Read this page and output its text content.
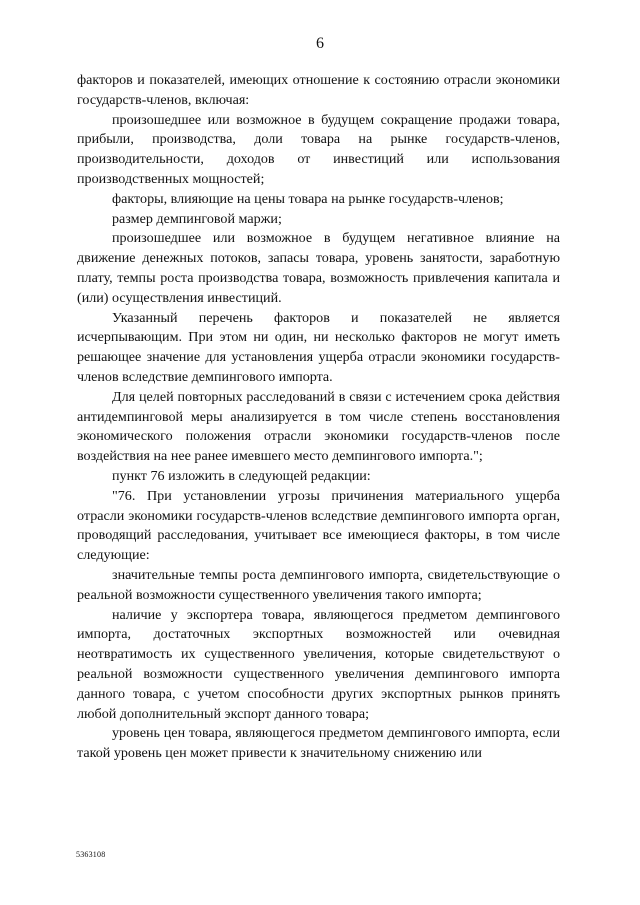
6

факторов и показателей, имеющих отношение к состоянию отрасли экономики государств-членов, включая:

произошедшее или возможное в будущем сокращение продажи товара, прибыли, производства, доли товара на рынке государств-членов, производительности, доходов от инвестиций или использования производственных мощностей;

факторы, влияющие на цены товара на рынке государств-членов;

размер демпинговой маржи;

произошедшее или возможное в будущем негативное влияние на движение денежных потоков, запасы товара, уровень занятости, заработную плату, темпы роста производства товара, возможность привлечения капитала и (или) осуществления инвестиций.

Указанный перечень факторов и показателей не является исчерпывающим. При этом ни один, ни несколько факторов не могут иметь решающее значение для установления ущерба отрасли экономики государств-членов вследствие демпингового импорта.

Для целей повторных расследований в связи с истечением срока действия антидемпинговой меры анализируется в том числе степень восстановления экономического положения отрасли экономики государств-членов после воздействия на нее ранее имевшего место демпингового импорта.";

пункт 76 изложить в следующей редакции:

"76. При установлении угрозы причинения материального ущерба отрасли экономики государств-членов вследствие демпингового импорта орган, проводящий расследования, учитывает все имеющиеся факторы, в том числе следующие:

значительные темпы роста демпингового импорта, свидетельствующие о реальной возможности существенного увеличения такого импорта;

наличие у экспортера товара, являющегося предметом демпингового импорта, достаточных экспортных возможностей или очевидная неотвратимость их существенного увеличения, которые свидетельствуют о реальной возможности существенного увеличения демпингового импорта данного товара, с учетом способности других экспортных рынков принять любой дополнительный экспорт данного товара;

уровень цен товара, являющегося предметом демпингового импорта, если такой уровень цен может привести к значительному снижению или

5363108
